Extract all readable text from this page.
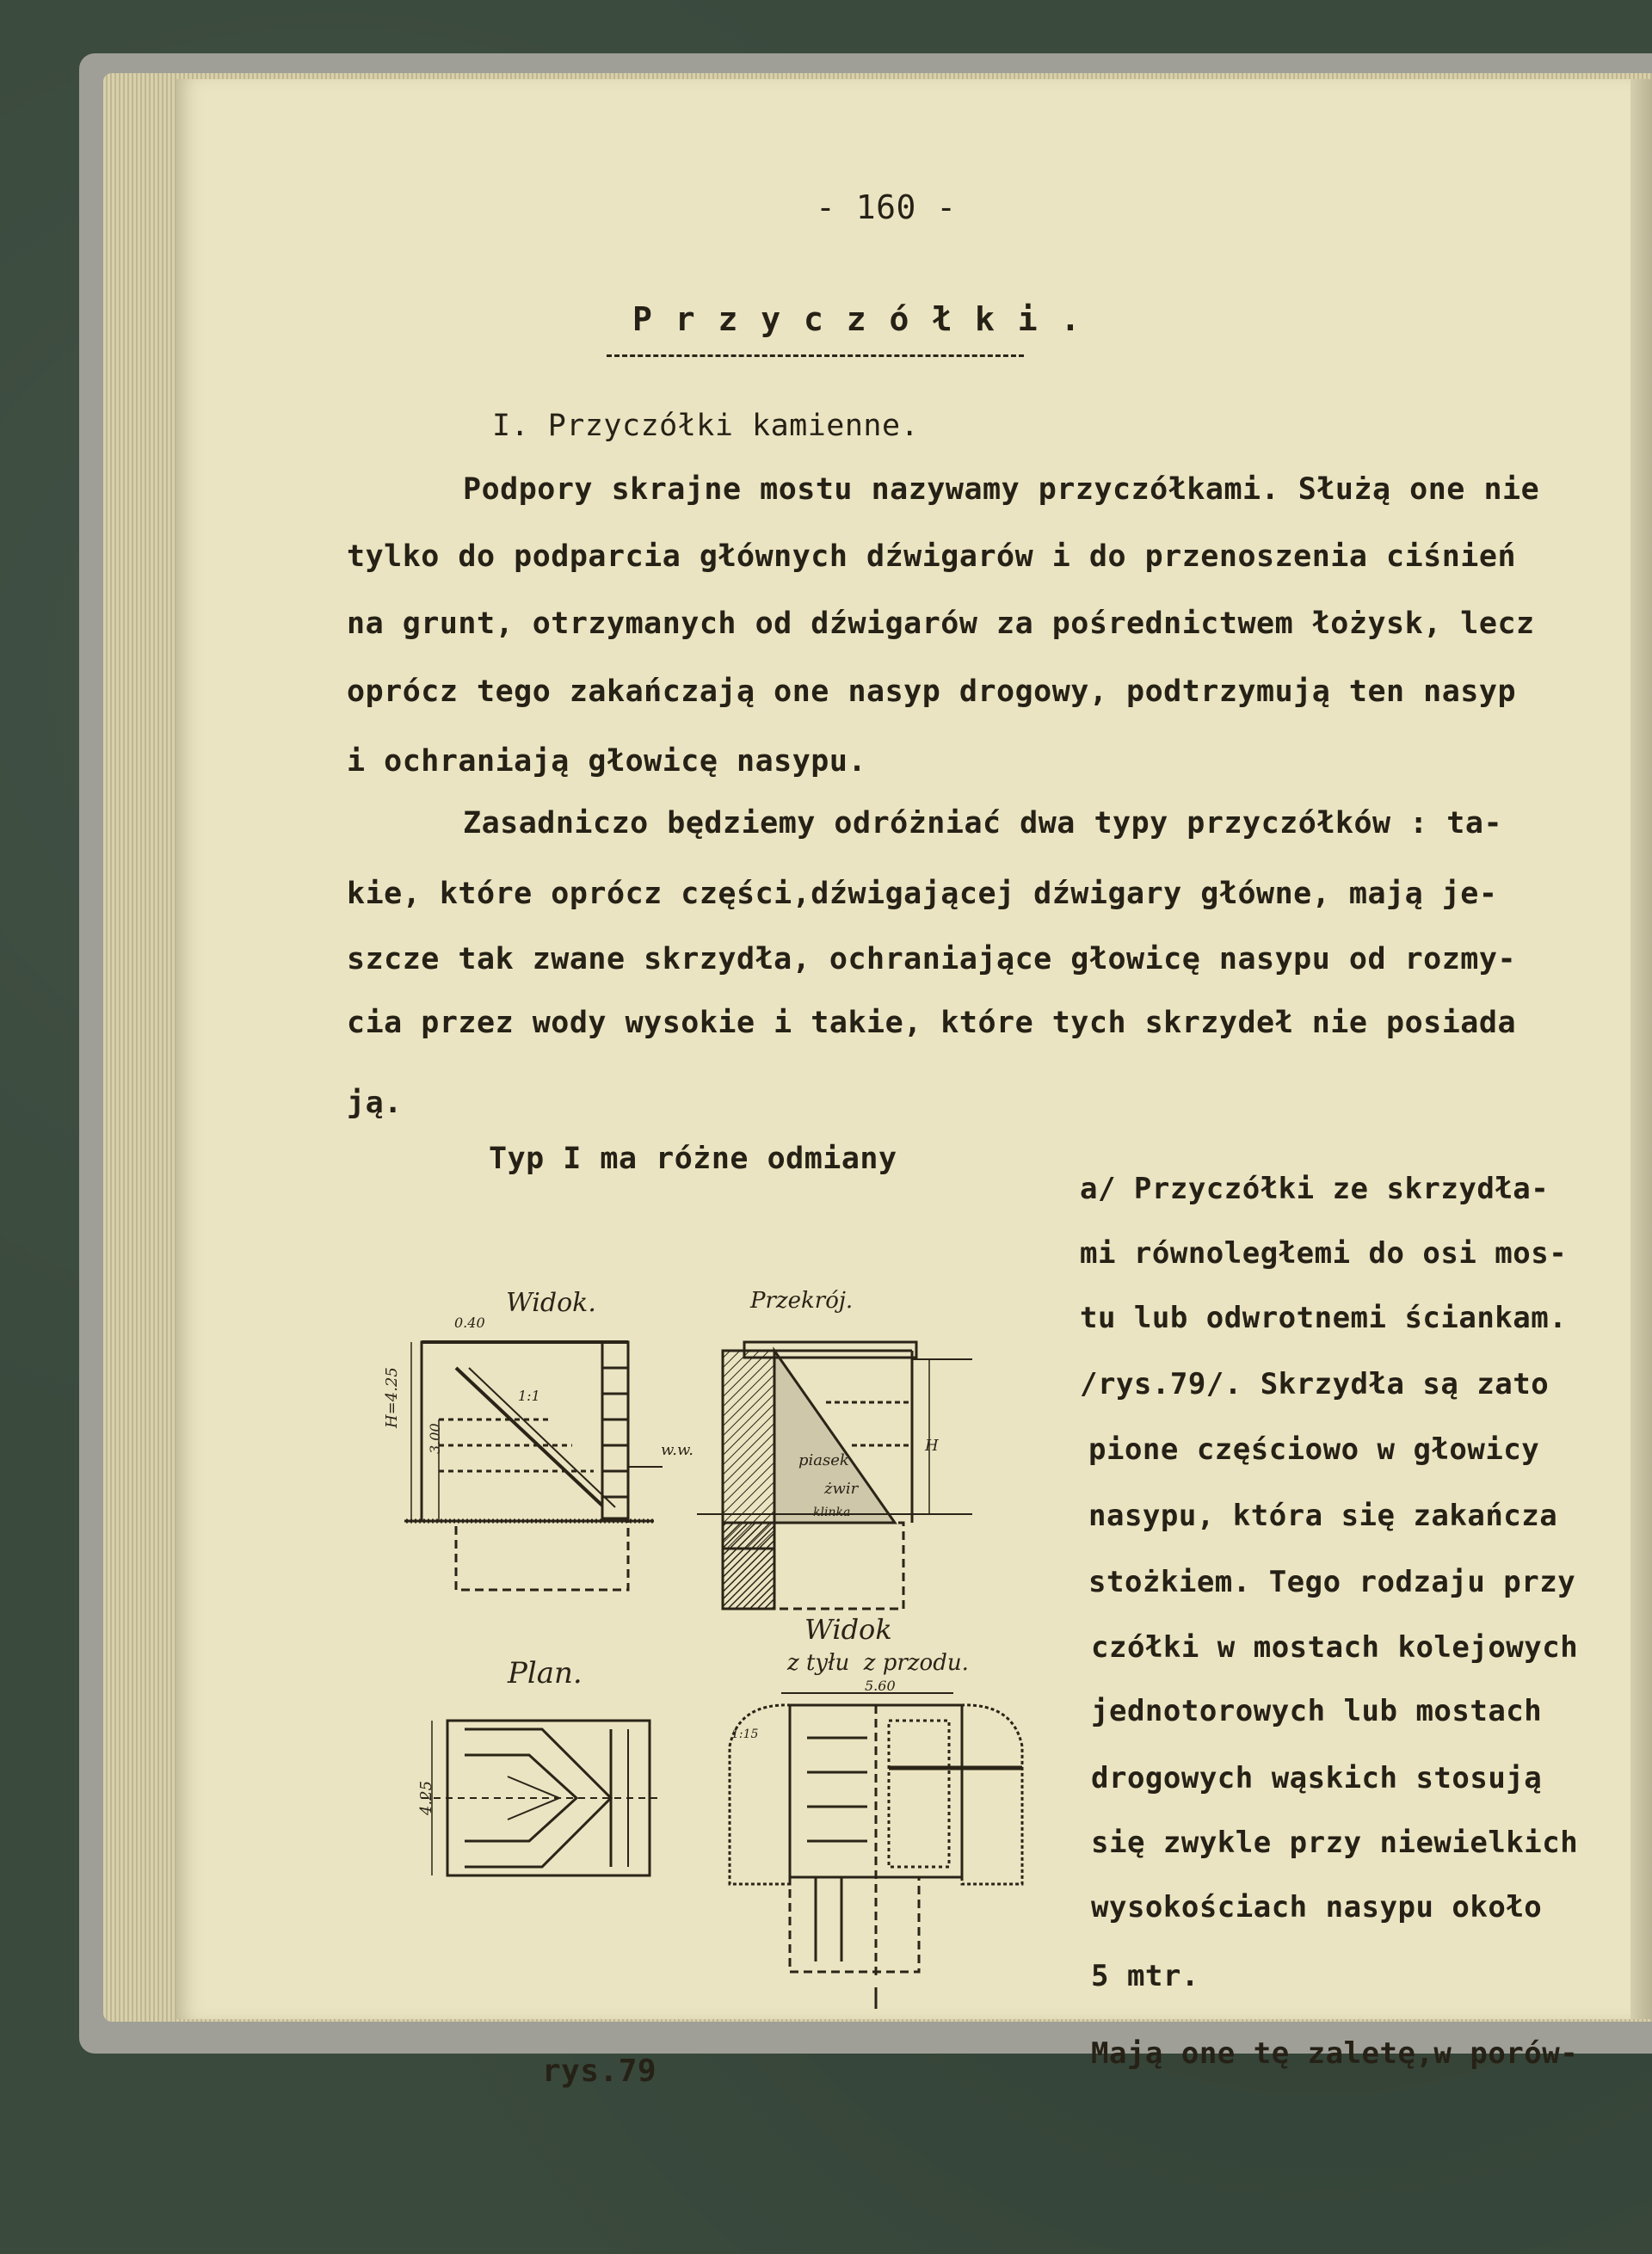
- 160 -
P r z y c z ó ł k i .
I. Przyczółki kamienne.
Podpory skrajne mostu nazywamy przyczółkami. Służą one nie
tylko do podparcia głównych dźwigarów i do przenoszenia ciśnień
na grunt, otrzymanych od dźwigarów za pośrednictwem łożysk, lecz
oprócz tego zakańczają one nasyp drogowy, podtrzymują ten nasyp
i ochraniają głowicę nasypu.
Zasadniczo będziemy odróżniać dwa typy przyczółków : ta-
kie, które oprócz części,dźwigającej dźwigary główne, mają je-
szcze tak zwane skrzydła, ochraniające głowicę nasypu od rozmy-
cia przez wody wysokie i takie, które tych skrzydeł nie posiada
ją.
Typ I ma różne odmiany
a/ Przyczółki ze skrzydła-
mi równoległemi do osi mos-
tu lub odwrotnemi ściankam.
/rys.79/. Skrzydła są zato
pione częściowo w głowicy
nasypu, która się zakańcza
stożkiem. Tego rodzaju przy
czółki w mostach kolejowych
jednotorowych lub mostach
drogowych wąskich stosują
się zwykle przy niewielkich
wysokościach nasypu około
5 mtr.
Mają one tę zaletę,w porów-
rys.79
Widok.	Przekrój.
Plan.
Widok
z tyłu  z przodu.
0.40
w.w.
5.60
1:1
H
1:15
H=4.25
3.00
4.25
